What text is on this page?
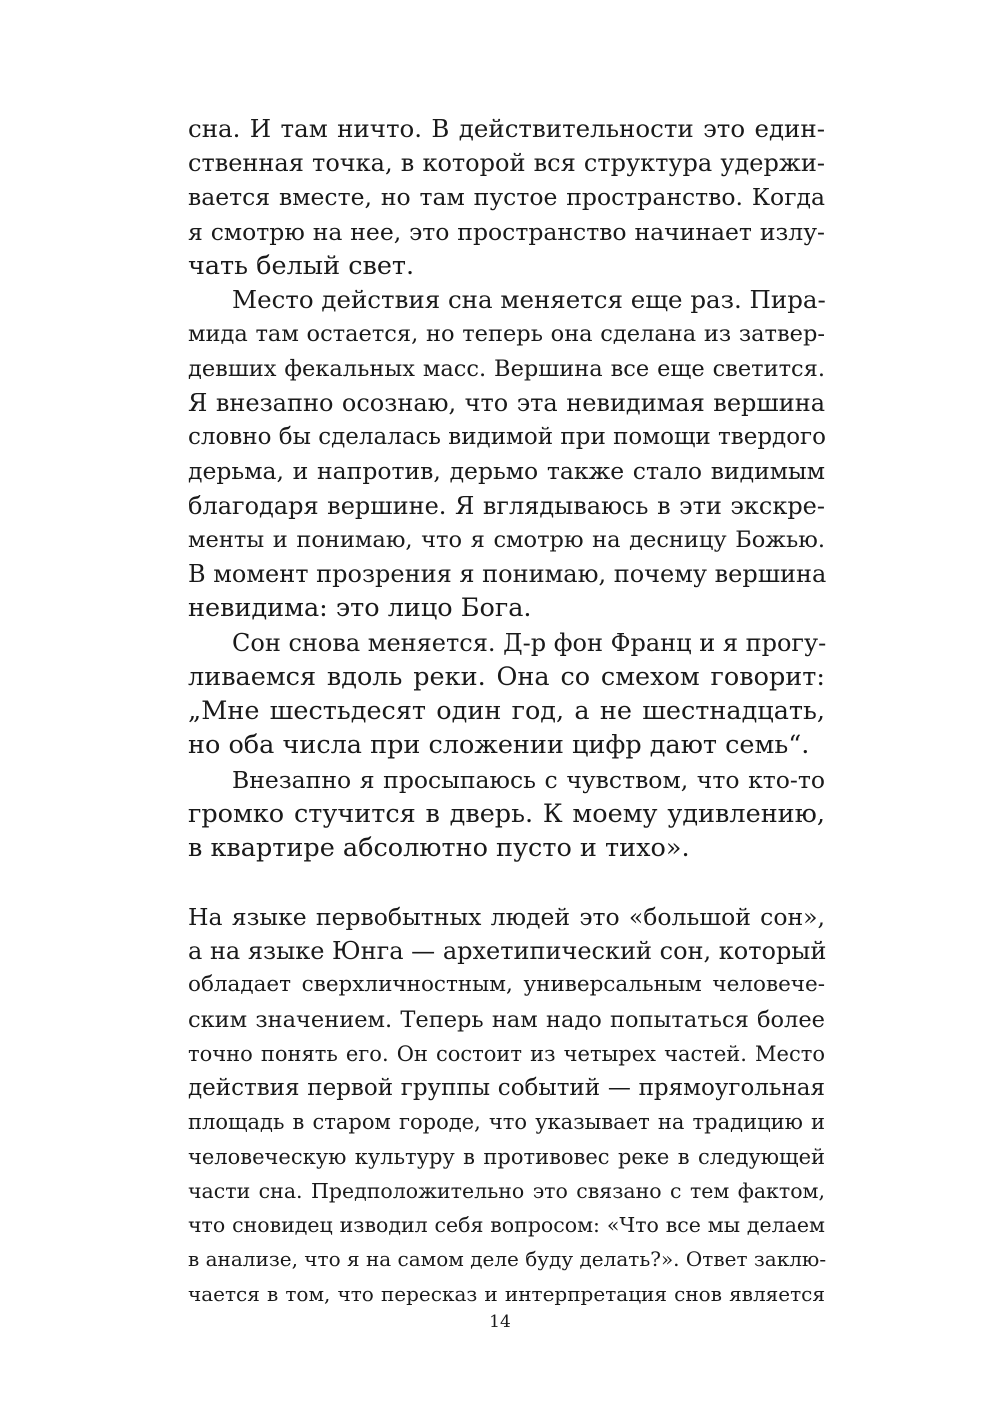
сна. И там ничто. В действительности это един-
ственная точка, в которой вся структура удержи-
вается вместе, но там пустое пространство. Когда
я смотрю на нее, это пространство начинает излу-
чать белый свет.
Место действия сна меняется еще раз. Пира-
мида там остается, но теперь она сделана из затвер-
девших фекальных масс. Вершина все еще светится.
Я внезапно осознаю, что эта невидимая вершина
словно бы сделалась видимой при помощи твердого
дерьма, и напротив, дерьмо также стало видимым
благодаря вершине. Я вглядываюсь в эти экскре-
менты и понимаю, что я смотрю на десницу Божью.
В момент прозрения я понимаю, почему вершина
невидима: это лицо Бога.
Сон снова меняется. Д-р фон Франц и я прогу-
ливаемся вдоль реки. Она со смехом говорит:
„Мне шестьдесят один год, а не шестнадцать,
но оба числа при сложении цифр дают семь“.
Внезапно я просыпаюсь с чувством, что кто-то
громко стучится в дверь. К моему удивлению,
в квартире абсолютно пусто и тихо».
На языке первобытных людей это «большой сон»,
а на языке Юнга — архетипический сон, который
обладает сверхличностным, универсальным человече-
ским значением. Теперь нам надо попытаться более
точно понять его. Он состоит из четырех частей. Место
действия первой группы событий — прямоугольная
площадь в старом городе, что указывает на традицию и
человеческую культуру в противовес реке в следующей
части сна. Предположительно это связано с тем фактом,
что сновидец изводил себя вопросом: «Что все мы делаем
в анализе, что я на самом деле буду делать?». Ответ заклю-
чается в том, что пересказ и интерпретация снов является
14
